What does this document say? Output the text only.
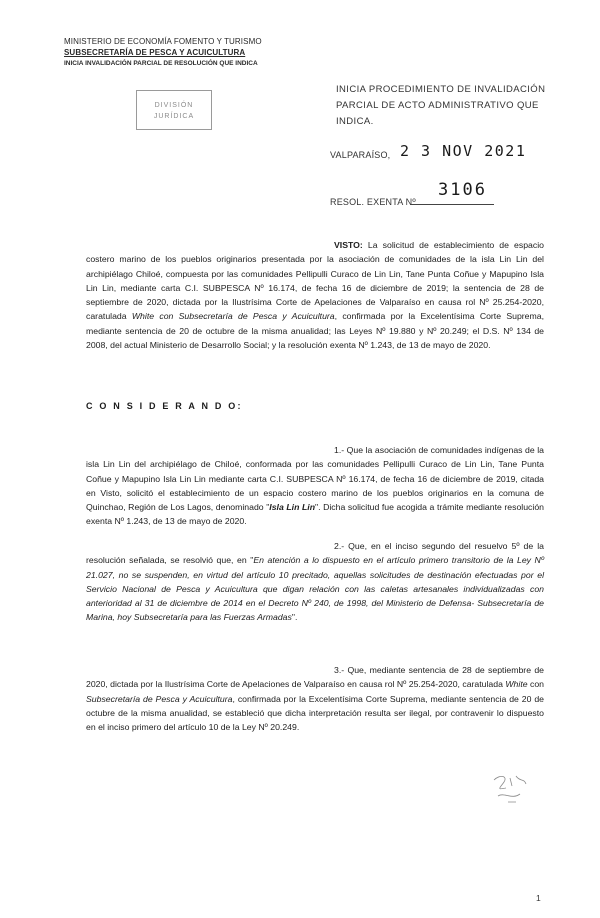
MINISTERIO DE ECONOMÍA FOMENTO Y TURISMO
SUBSECRETARÍA DE PESCA Y ACUICULTURA
INICIA INVALIDACIÓN PARCIAL DE RESOLUCIÓN QUE INDICA
DIVISIÓN
JURÍDICA
INICIA PROCEDIMIENTO DE INVALIDACIÓN PARCIAL DE ACTO ADMINISTRATIVO QUE INDICA.
VALPARAÍSO, 2 3 NOV 2021
RESOL. EXENTA Nº
3106
VISTO: La solicitud de establecimiento de espacio costero marino de los pueblos originarios presentada por la asociación de comunidades de la isla Lin Lin del archipiélago Chiloé, compuesta por las comunidades Pellipulli Curaco de Lin Lin, Tane Punta Coñue y Mapupino Isla Lin Lin, mediante carta C.I. SUBPESCA Nº 16.174, de fecha 16 de diciembre de 2019; la sentencia de 28 de septiembre de 2020, dictada por la Ilustrísima Corte de Apelaciones de Valparaíso en causa rol Nº 25.254-2020, caratulada White con Subsecretaría de Pesca y Acuicultura, confirmada por la Excelentísima Corte Suprema, mediante sentencia de 20 de octubre de la misma anualidad; las Leyes Nº 19.880 y Nº 20.249; el D.S. Nº 134 de 2008, del actual Ministerio de Desarrollo Social; y la resolución exenta Nº 1.243, de 13 de mayo de 2020.
C O N S I D E R A N D O:
1.- Que la asociación de comunidades indígenas de la isla Lin Lin del archipiélago de Chiloé, conformada por las comunidades Pellipulli Curaco de Lin Lin, Tane Punta Coñue y Mapupino Isla Lin Lin mediante carta C.I. SUBPESCA Nº 16.174, de fecha 16 de diciembre de 2019, citada en Visto, solicitó el establecimiento de un espacio costero marino de los pueblos originarios en la comuna de Quinchao, Región de Los Lagos, denominado "Isla Lin Lin". Dicha solicitud fue acogida a trámite mediante resolución exenta Nº 1.243, de 13 de mayo de 2020.
2.- Que, en el inciso segundo del resuelvo 5º de la resolución señalada, se resolvió que, en "En atención a lo dispuesto en el artículo primero transitorio de la Ley Nº 21.027, no se suspenden, en virtud del artículo 10 precitado, aquellas solicitudes de destinación efectuadas por el Servicio Nacional de Pesca y Acuicultura que digan relación con las caletas artesanales individualizadas con anterioridad al 31 de diciembre de 2014 en el Decreto Nº 240, de 1998, del Ministerio de Defensa- Subsecretaría de Marina, hoy Subsecretaría para las Fuerzas Armadas".
3.- Que, mediante sentencia de 28 de septiembre de 2020, dictada por la Ilustrísima Corte de Apelaciones de Valparaíso en causa rol Nº 25.254-2020, caratulada White con Subsecretaría de Pesca y Acuicultura, confirmada por la Excelentísima Corte Suprema, mediante sentencia de 20 de octubre de la misma anualidad, se estableció que dicha interpretación resulta ser ilegal, por contravenir lo dispuesto en el inciso primero del artículo 10 de la Ley Nº 20.249.
1
